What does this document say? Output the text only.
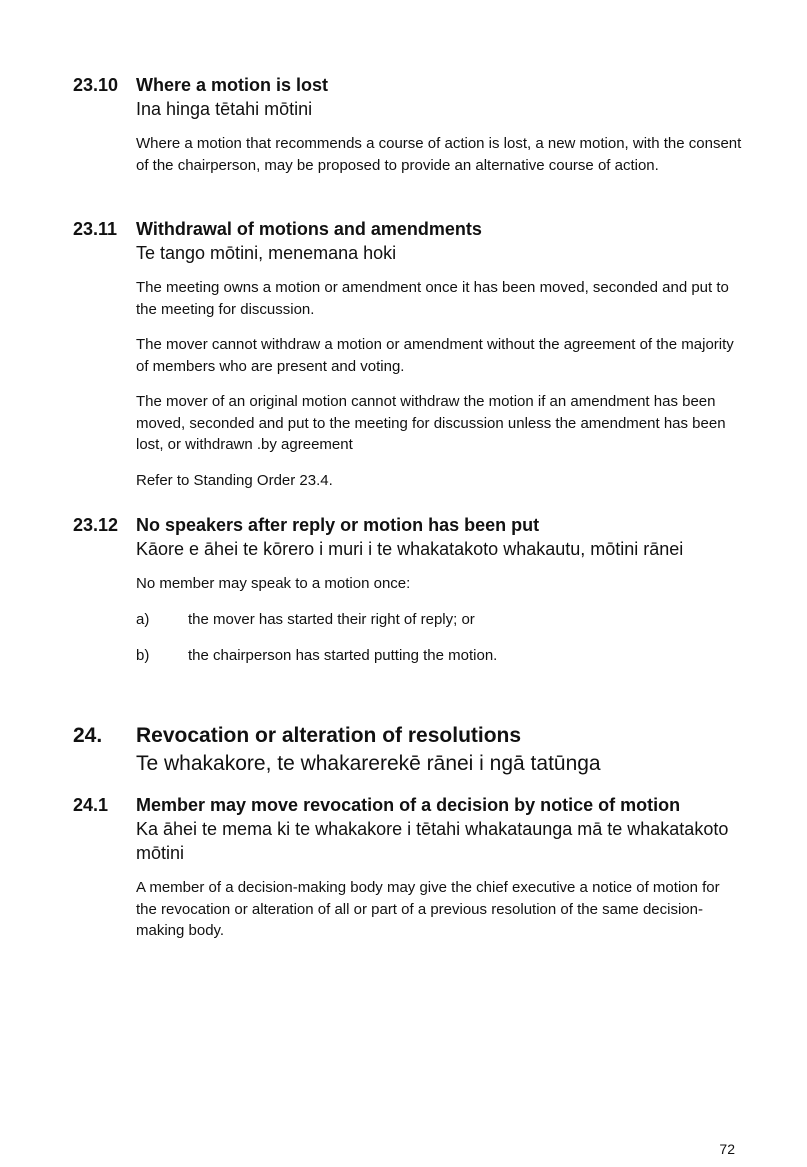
23.10 Where a motion is lost
Ina hinga tētahi mōtini

Where a motion that recommends a course of action is lost, a new motion, with the consent of the chairperson, may be proposed to provide an alternative course of action.

23.11 Withdrawal of motions and amendments
Te tango mōtini, menemana hoki

The meeting owns a motion or amendment once it has been moved, seconded and put to the meeting for discussion.

The mover cannot withdraw a motion or amendment without the agreement of the majority of members who are present and voting.

The mover of an original motion cannot withdraw the motion if an amendment has been moved, seconded and put to the meeting for discussion unless the amendment has been lost, or withdrawn .by agreement

Refer to Standing Order 23.4.

23.12 No speakers after reply or motion has been put
Kāore e āhei te kōrero i muri i te whakatakoto whakautu, mōtini rānei

No member may speak to a motion once:

a)	the mover has started their right of reply; or
b)	the chairperson has started putting the motion.
24. Revocation or alteration of resolutions
Te whakakore, te whakarerekē rānei i ngā tatūnga
24.1 Member may move revocation of a decision by notice of motion
Ka āhei te mema ki te whakakore i tētahi whakataunga mā te whakatakoto mōtini

A member of a decision-making body may give the chief executive a notice of motion for the revocation or alteration of all or part of a previous resolution of the same decision-making body.

72
